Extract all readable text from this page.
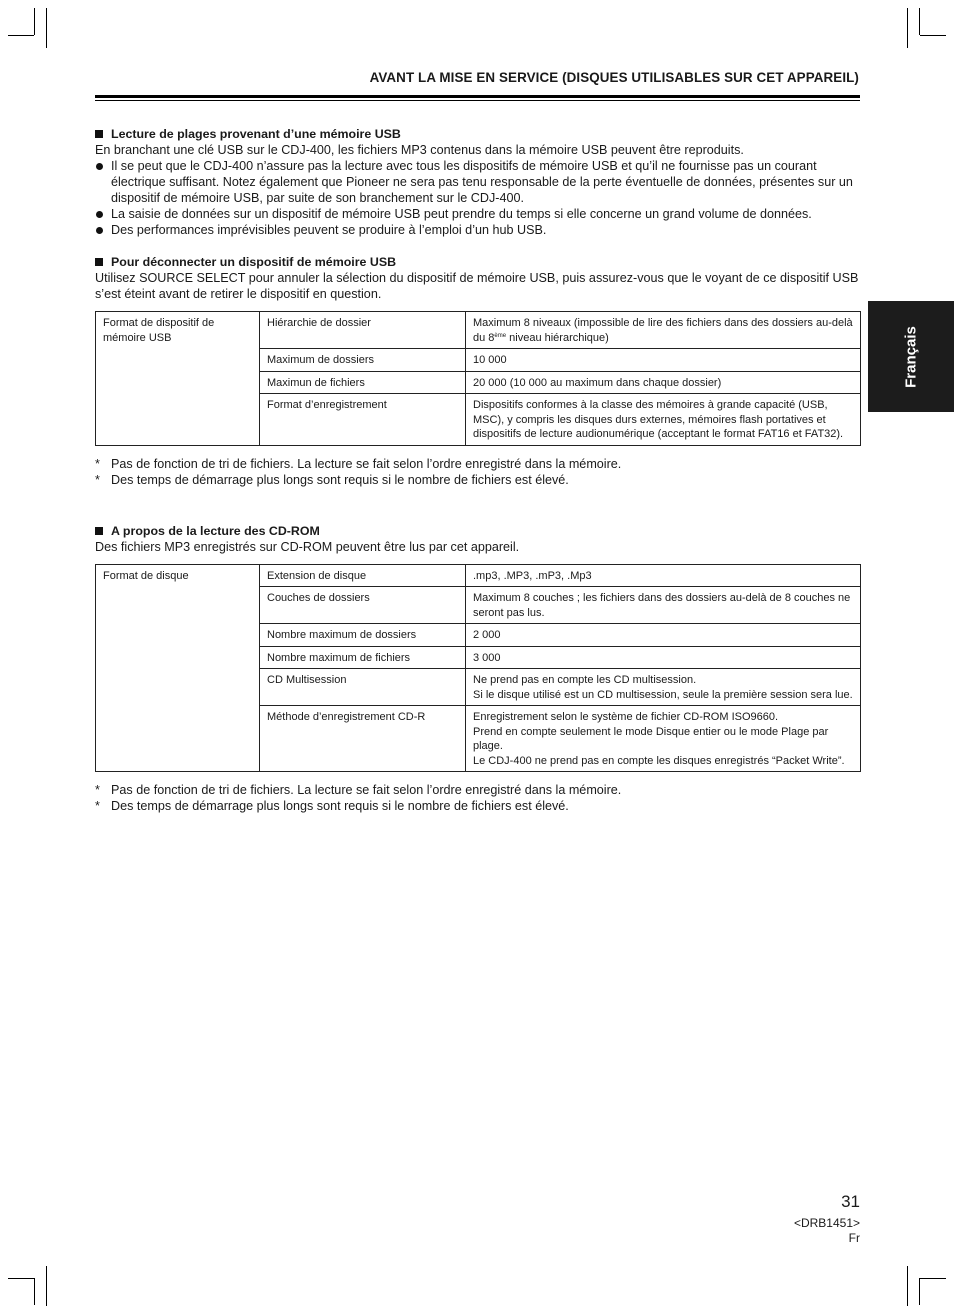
AVANT LA MISE EN SERVICE (DISQUES UTILISABLES SUR CET APPAREIL)
Français
Lecture de plages provenant d’une mémoire USB

En branchant une clé USB sur le CDJ-400, les fichiers MP3 contenus dans la mémoire USB peuvent être reproduits.

Il se peut que le CDJ-400 n’assure pas la lecture avec tous les dispositifs de mémoire USB et qu’il ne fournisse pas un courant électrique suffisant. Notez également que Pioneer ne sera pas tenu responsable de la perte éventuelle de données, présentes sur un dispositif de mémoire USB, par suite de son branchement sur le CDJ-400.
La saisie de données sur un dispositif de mémoire USB peut prendre du temps si elle concerne un grand volume de données.
Des performances imprévisibles peuvent se produire à l’emploi d’un hub USB.
Pour déconnecter un dispositif de mémoire USB

Utilisez SOURCE SELECT pour annuler la sélection du dispositif de mémoire USB, puis assurez-vous que le voyant de ce dispositif USB s’est éteint avant de retirer le dispositif en question.

Format de dispositif de mémoire USB	Hiérarchie de dossier	Maximum 8 niveaux (impossible de lire des fichiers dans des dossiers au-delà du 8ème niveau hiérarchique)
	Maximum de dossiers	10 000
	Maximun de fichiers	20 000 (10 000 au maximum dans chaque dossier)
	Format d’enregistrement	Dispositifs conformes à la classe des mémoires à grande capacité (USB, MSC), y compris les disques durs externes, mémoires flash portatives et dispositifs de lecture audionumérique (acceptant le format FAT16 et FAT32).
* Pas de fonction de tri de fichiers. La lecture se fait selon l’ordre enregistré dans la mémoire.
* Des temps de démarrage plus longs sont requis si le nombre de fichiers est élevé.
A propos de la lecture des CD-ROM

Des fichiers MP3 enregistrés sur CD-ROM peuvent être lus par cet appareil.

Format de disque	Extension de disque	.mp3, .MP3, .mP3, .Mp3

	Couches de dossiers	Maximum 8 couches ; les fichiers dans des dossiers au-delà de 8 couches ne seront pas lus.

	Nombre maximum de dossiers	2 000

	Nombre maximum de fichiers	3 000

	CD Multisession	Ne prend pas en compte les CD multisession.
Si le disque utilisé est un CD multisession, seule la première session sera lue.

	Méthode d’enregistrement CD-R	Enregistrement selon le système de fichier CD-ROM ISO9660.
Prend en compte seulement le mode Disque entier ou le mode Plage par plage.
Le CDJ-400 ne prend pas en compte les disques enregistrés “Packet Write”.
* Pas de fonction de tri de fichiers. La lecture se fait selon l’ordre enregistré dans la mémoire.
* Des temps de démarrage plus longs sont requis si le nombre de fichiers est élevé.
31
<DRB1451>
Fr
